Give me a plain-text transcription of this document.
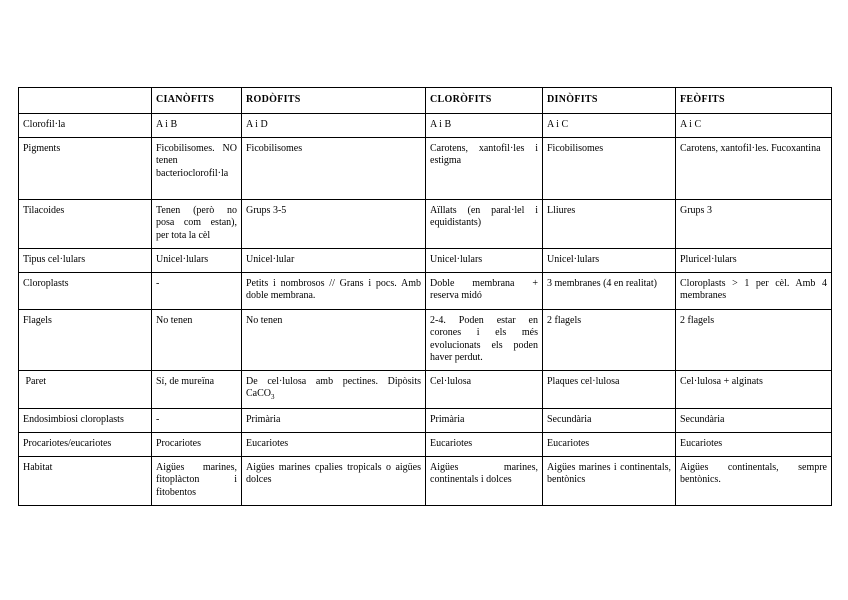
	CIANÒFITS	RODÒFITS	CLORÒFITS	DINÒFITS	FEÒFITS
Clorofil·la	A i B	A i D	A i B	A i C	A i C
Pigments	Ficobilisomes. NO tenen bacterioclorofil·la	Ficobilisomes	Carotens, xantofil·les i estigma	Ficobilisomes	Carotens, xantofil·les. Fucoxantina
Tilacoides	Tenen (però no posa com estan), per tota la cèl	Grups 3-5	Aïllats (en paral·lel i equidistants)	Lliures	Grups 3
Tipus cel·lulars	Unicel·lulars	Unicel·lular	Unicel·lulars	Unicel·lulars	Pluricel·lulars
Cloroplasts	-	Petits i nombrosos // Grans i pocs. Amb doble membrana.	Doble membrana + reserva midó	3 membranes (4 en realitat)	Cloroplasts > 1 per cèl. Amb 4 membranes
Flagels	No tenen	No tenen	2-4. Poden estar en corones i els més evolucionats els poden haver perdut.	2 flagels	2 flagels
Paret	Sí, de mureïna	De cel·lulosa amb pectines. Dipòsits CaCO$_3$	Cel·lulosa	Plaques cel·lulosa	Cel·lulosa + alginats
Endosimbiosi cloroplasts	-	Primària	Primària	Secundària	Secundària
Procariotes/eucariotes	Procariotes	Eucariotes	Eucariotes	Eucariotes	Eucariotes
Habitat	Aigües marines, fitoplàcton i fitobentos	Aigües marines cpalies tropicals o aigües dolces	Aigües marines, continentals i dolces	Aigües marines i continentals, bentònics	Aigües continentals, sempre bentònics.
